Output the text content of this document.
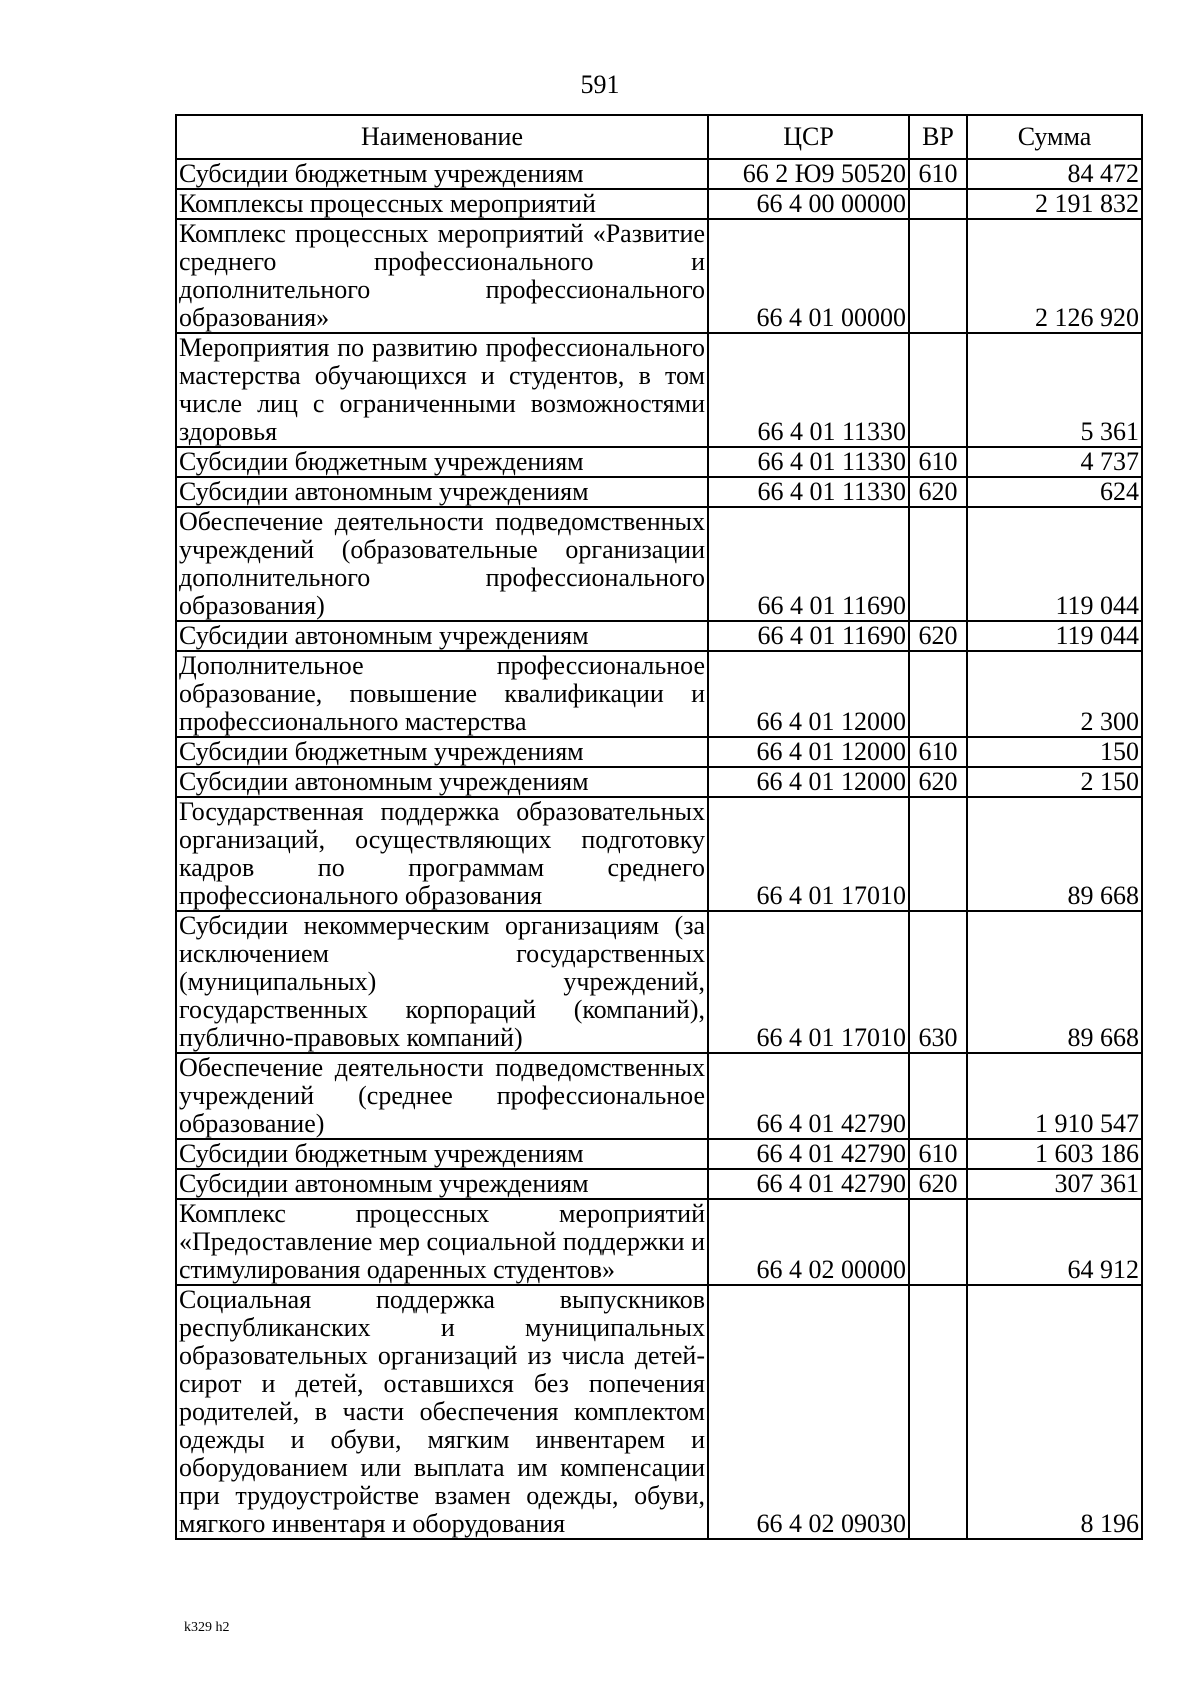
591
Наименование	ЦСР	ВР	Сумма
Субсидии бюджетным учреждениям	66 2 Ю9 50520	610	84 472
Комплексы процессных мероприятий	66 4 00 00000		2 191 832
Комплекс процессных мероприятий «Развитие среднего профессионального и дополнительного профессионального образования»	66 4 01 00000		2 126 920
Мероприятия по развитию профессионального мастерства обучающихся и студентов, в том числе лиц с ограниченными возможностями здоровья	66 4 01 11330		5 361
Субсидии бюджетным учреждениям	66 4 01 11330	610	4 737
Субсидии автономным учреждениям	66 4 01 11330	620	624
Обеспечение деятельности подведомственных учреждений (образовательные организации дополнительного профессионального образования)	66 4 01 11690		119 044
Субсидии автономным учреждениям	66 4 01 11690	620	119 044
Дополнительное профессиональное образование, повышение квалификации и профессионального мастерства	66 4 01 12000		2 300
Субсидии бюджетным учреждениям	66 4 01 12000	610	150
Субсидии автономным учреждениям	66 4 01 12000	620	2 150
Государственная поддержка образовательных организаций, осуществляющих подготовку кадров по программам среднего профессионального образования	66 4 01 17010		89 668
Субсидии некоммерческим организациям (за исключением государственных (муниципальных) учреждений, государственных корпораций (компаний), публично-правовых компаний)	66 4 01 17010	630	89 668
Обеспечение деятельности подведомственных учреждений (среднее профессиональное образование)	66 4 01 42790		1 910 547
Субсидии бюджетным учреждениям	66 4 01 42790	610	1 603 186
Субсидии автономным учреждениям	66 4 01 42790	620	307 361
Комплекс процессных мероприятий «Предоставление мер социальной поддержки и стимулирования одаренных студентов»	66 4 02 00000		64 912
Социальная поддержка выпускников республиканских и муниципальных образовательных организаций из числа детей-сирот и детей, оставшихся без попечения родителей, в части обеспечения комплектом одежды и обуви, мягким инвентарем и оборудованием или выплата им компенсации при трудоустройстве взамен одежды, обуви, мягкого инвентаря и оборудования	66 4 02 09030		8 196
k329 h2
